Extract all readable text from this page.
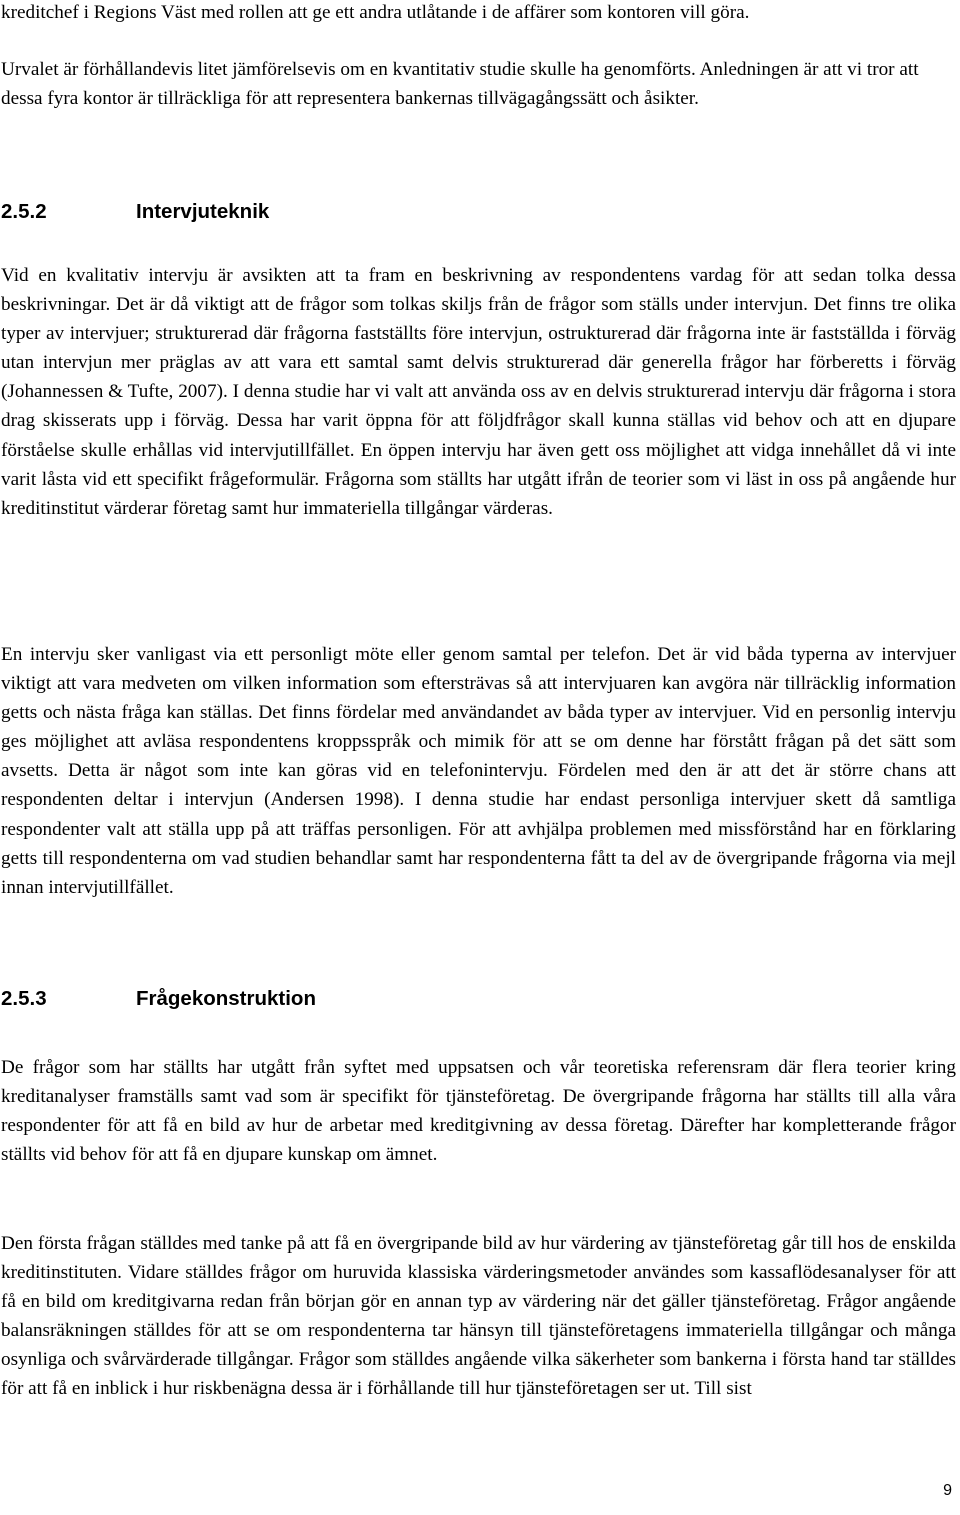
kreditchef i Regions Väst med rollen att ge ett andra utlåtande i de affärer som kontoren vill göra.

Urvalet är förhållandevis litet jämförelsevis om en kvantitativ studie skulle ha genomförts. Anledningen är att vi tror att dessa fyra kontor är tillräckliga för att representera bankernas tillvägagångssätt och åsikter.

2.5.2	Intervjuteknik

Vid en kvalitativ intervju är avsikten att ta fram en beskrivning av respondentens vardag för att sedan tolka dessa beskrivningar. Det är då viktigt att de frågor som tolkas skiljs från de frågor som ställs under intervjun. Det finns tre olika typer av intervjuer; strukturerad där frågorna fastställts före intervjun, ostrukturerad där frågorna inte är fastställda i förväg utan intervjun mer präglas av att vara ett samtal samt delvis strukturerad där generella frågor har förberetts i förväg (Johannessen & Tufte, 2007). I denna studie har vi valt att använda oss av en delvis strukturerad intervju där frågorna i stora drag skisserats upp i förväg. Dessa har varit öppna för att följdfrågor skall kunna ställas vid behov och att en djupare förståelse skulle erhållas vid intervjutillfället. En öppen intervju har även gett oss möjlighet att vidga innehållet då vi inte varit låsta vid ett specifikt frågeformulär. Frågorna som ställts har utgått ifrån de teorier som vi läst in oss på angående hur kreditinstitut värderar företag samt hur immateriella tillgångar värderas.

En intervju sker vanligast via ett personligt möte eller genom samtal per telefon. Det är vid båda typerna av intervjuer viktigt att vara medveten om vilken information som eftersträvas så att intervjuaren kan avgöra när tillräcklig information getts och nästa fråga kan ställas. Det finns fördelar med användandet av båda typer av intervjuer. Vid en personlig intervju ges möjlighet att avläsa respondentens kroppsspråk och mimik för att se om denne har förstått frågan på det sätt som avsetts. Detta är något som inte kan göras vid en telefonintervju. Fördelen med den är att det är större chans att respondenten deltar i intervjun (Andersen 1998). I denna studie har endast personliga intervjuer skett då samtliga respondenter valt att ställa upp på att träffas personligen. För att avhjälpa problemen med missförstånd har en förklaring getts till respondenterna om vad studien behandlar samt har respondenterna fått ta del av de övergripande frågorna via mejl innan intervjutillfället.

2.5.3	Frågekonstruktion

De frågor som har ställts har utgått från syftet med uppsatsen och vår teoretiska referensram där flera teorier kring kreditanalyser framställs samt vad som är specifikt för tjänsteföretag. De övergripande frågorna har ställts till alla våra respondenter för att få en bild av hur de arbetar med kreditgivning av dessa företag. Därefter har kompletterande frågor ställts vid behov för att få en djupare kunskap om ämnet.

Den första frågan ställdes med tanke på att få en övergripande bild av hur värdering av tjänsteföretag går till hos de enskilda kreditinstituten. Vidare ställdes frågor om huruvida klassiska värderingsmetoder användes som kassaflödesanalyser för att få en bild om kreditgivarna redan från början gör en annan typ av värdering när det gäller tjänsteföretag. Frågor angående balansräkningen ställdes för att se om respondenterna tar hänsyn till tjänsteföretagens immateriella tillgångar och många osynliga och svårvärderade tillgångar. Frågor som ställdes angående vilka säkerheter som bankerna i första hand tar ställdes för att få en inblick i hur riskbenägna dessa är i förhållande till hur tjänsteföretagen ser ut. Till sist

9
